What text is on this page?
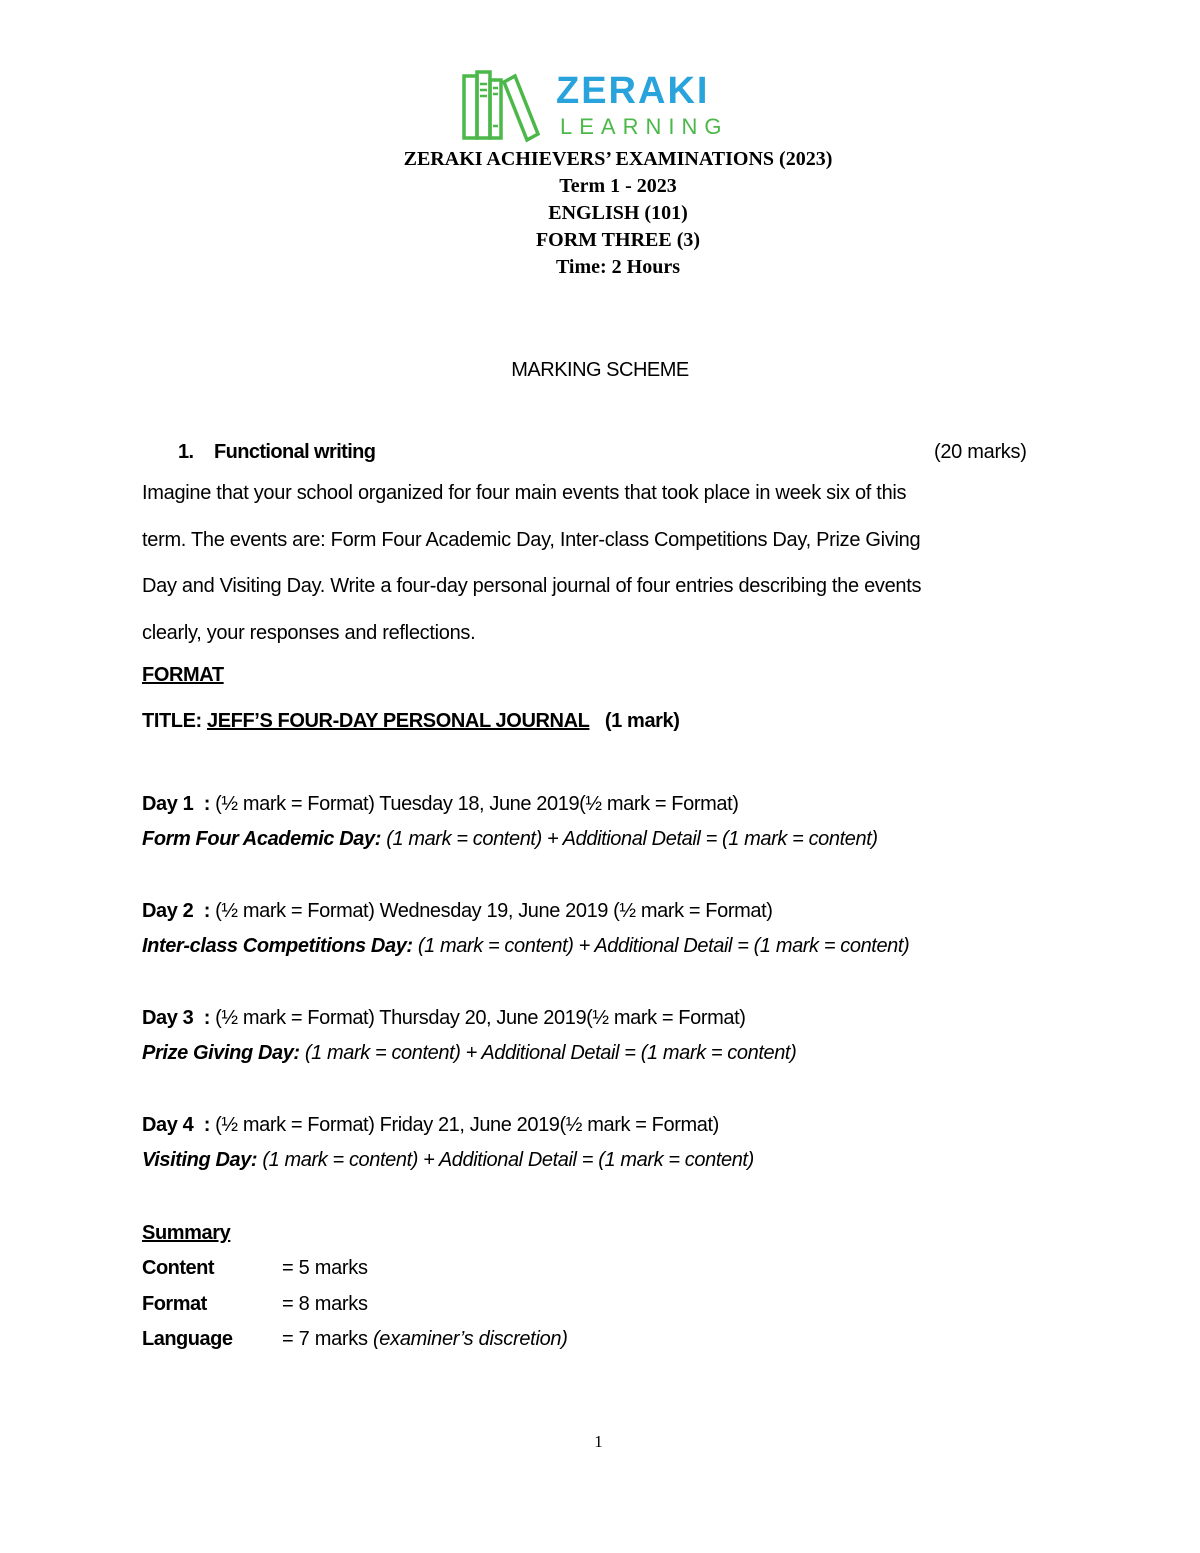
ZERAKI
LEARNING
ZERAKI ACHIEVERS’ EXAMINATIONS (2023)
Term 1 - 2023
ENGLISH (101)
FORM THREE (3)
Time: 2 Hours
MARKING SCHEME
1. Functional writing	(20 marks)

Imagine that your school organized for four main events that took place in week six of this

term. The events are: Form Four Academic Day, Inter-class Competitions Day, Prize Giving

Day and Visiting Day. Write a four-day personal journal of four entries describing the events

clearly, your responses and reflections.

FORMAT
TITLE: JEFF’S FOUR-DAY PERSONAL JOURNAL (1 mark)
Day 1 : (½ mark = Format) Tuesday 18, June 2019(½ mark = Format)
Form Four Academic Day: (1 mark = content) + Additional Detail = (1 mark = content)
Day 2 : (½ mark = Format) Wednesday 19, June 2019 (½ mark = Format)
Inter-class Competitions Day: (1 mark = content) + Additional Detail = (1 mark = content)
Day 3 : (½ mark = Format) Thursday 20, June 2019(½ mark = Format)
Prize Giving Day: (1 mark = content) + Additional Detail = (1 mark = content)
Day 4 : (½ mark = Format) Friday 21, June 2019(½ mark = Format)
Visiting Day: (1 mark = content) + Additional Detail = (1 mark = content)
Summary
Content	= 5 marks
Format	= 8 marks
Language = 7 marks (examiner’s discretion)
1
